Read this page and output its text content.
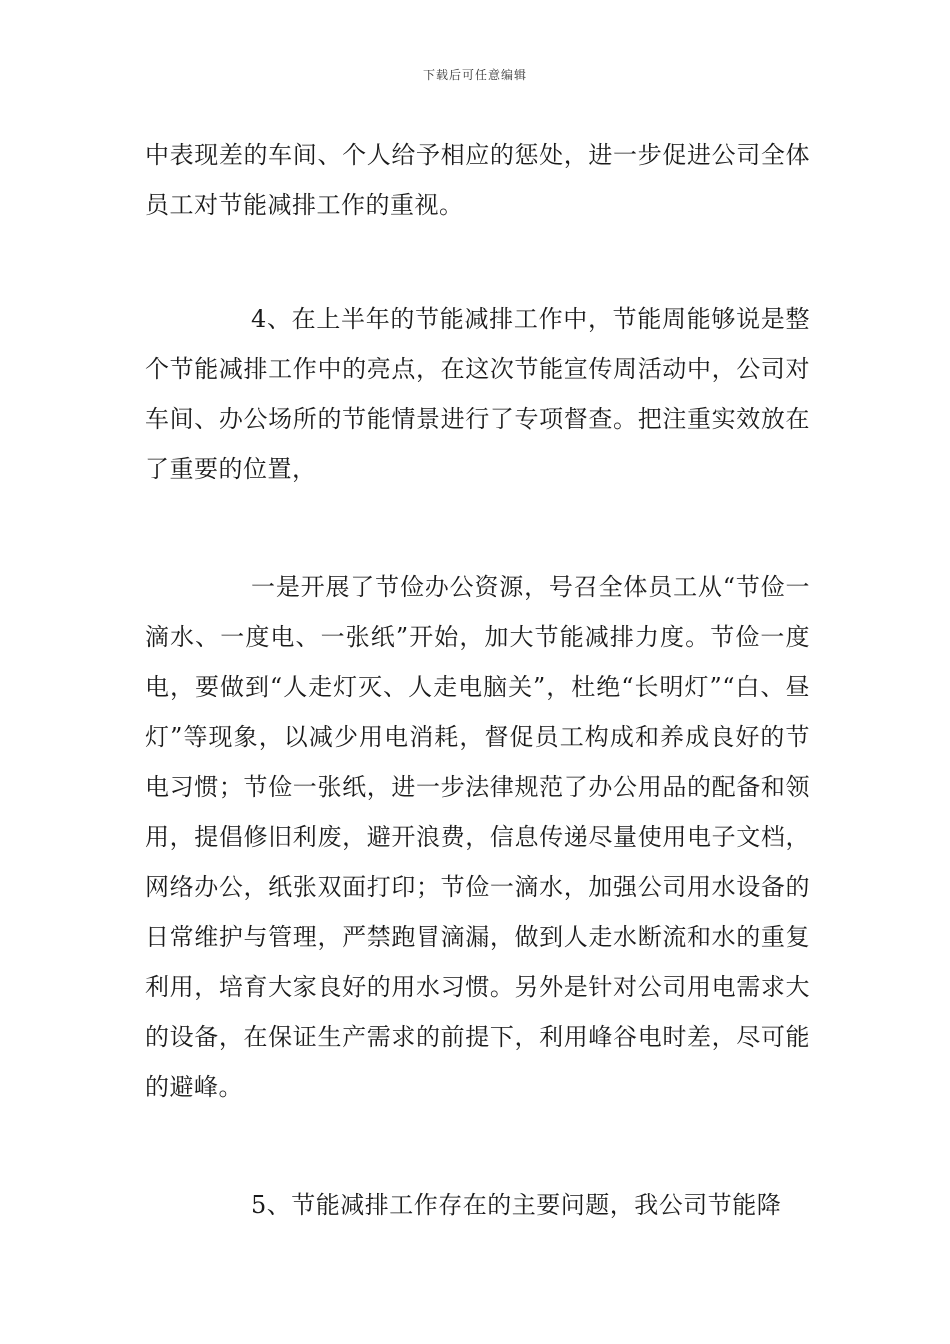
下载后可任意编辑

中表现差的车间、个人给予相应的惩处，进一步促进公司全体员工对节能减排工作的重视。

4、在上半年的节能减排工作中，节能周能够说是整个节能减排工作中的亮点，在这次节能宣传周活动中，公司对车间、办公场所的节能情景进行了专项督查。把注重实效放在了重要的位置，

一是开展了节俭办公资源，号召全体员工从“节俭一滴水、一度电、一张纸”开始，加大节能减排力度。节俭一度电，要做到“人走灯灭、人走电脑关”，杜绝“长明灯”“白、昼灯”等现象，以减少用电消耗，督促员工构成和养成良好的节电习惯；节俭一张纸，进一步法律规范了办公用品的配备和领用，提倡修旧利废，避开浪费，信息传递尽量使用电子文档，网络办公，纸张双面打印；节俭一滴水，加强公司用水设备的日常维护与管理，严禁跑冒滴漏，做到人走水断流和水的重复利用，培育大家良好的用水习惯。另外是针对公司用电需求大的设备，在保证生产需求的前提下，利用峰谷电时差，尽可能的避峰。

5、节能减排工作存在的主要问题，我公司节能降
